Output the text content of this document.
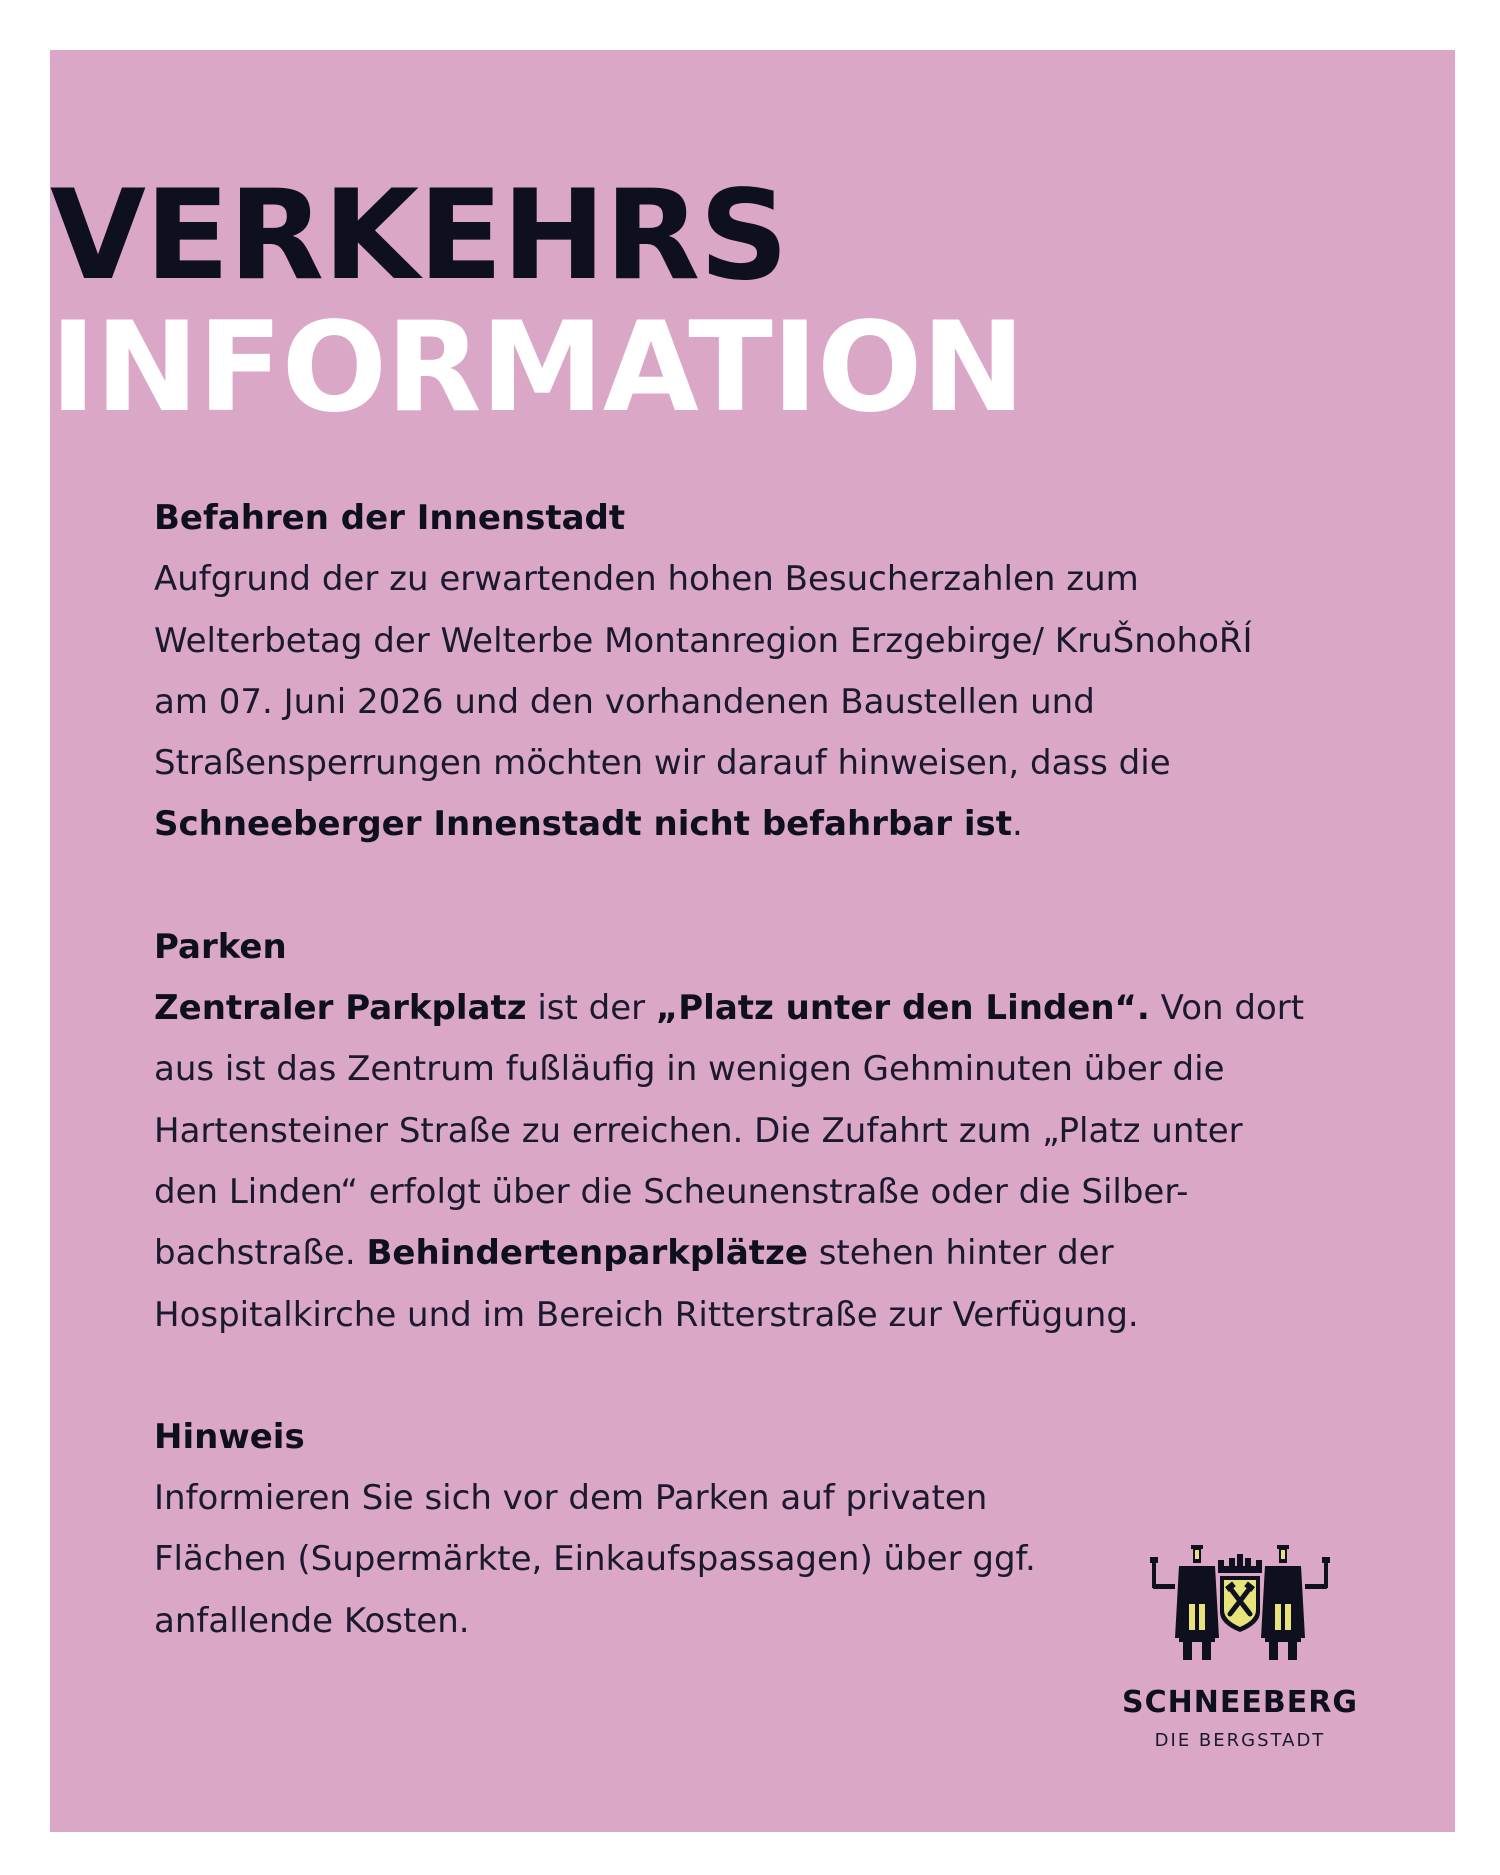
VERKEHRS
INFORMATION
Befahren der Innenstadt

Aufgrund der zu erwartenden hohen Besucherzahlen zum Welterbetag der Welterbe Montanregion Erzgebirge/ KruŠnohoŘÍ am 07. Juni 2026 und den vorhandenen Baustellen und Straßensperrungen möchten wir darauf hinweisen, dass die Schneeberger Innenstadt nicht befahrbar ist.

Parken

Zentraler Parkplatz ist der „Platz unter den Linden“. Von dort aus ist das Zentrum fußläufig in wenigen Gehminuten über die Hartensteiner Straße zu erreichen. Die Zufahrt zum „Platz unter den Linden“ erfolgt über die Scheunenstraße oder die Silber-bachstraße. Behindertenparkplätze stehen hinter der Hospitalkirche und im Bereich Ritterstraße zur Verfügung.

Hinweis

Informieren Sie sich vor dem Parken auf privaten Flächen (Supermärkte, Einkaufspassagen) über ggf. anfallende Kosten.

SCHNEEBERG
DIE BERGSTADT
